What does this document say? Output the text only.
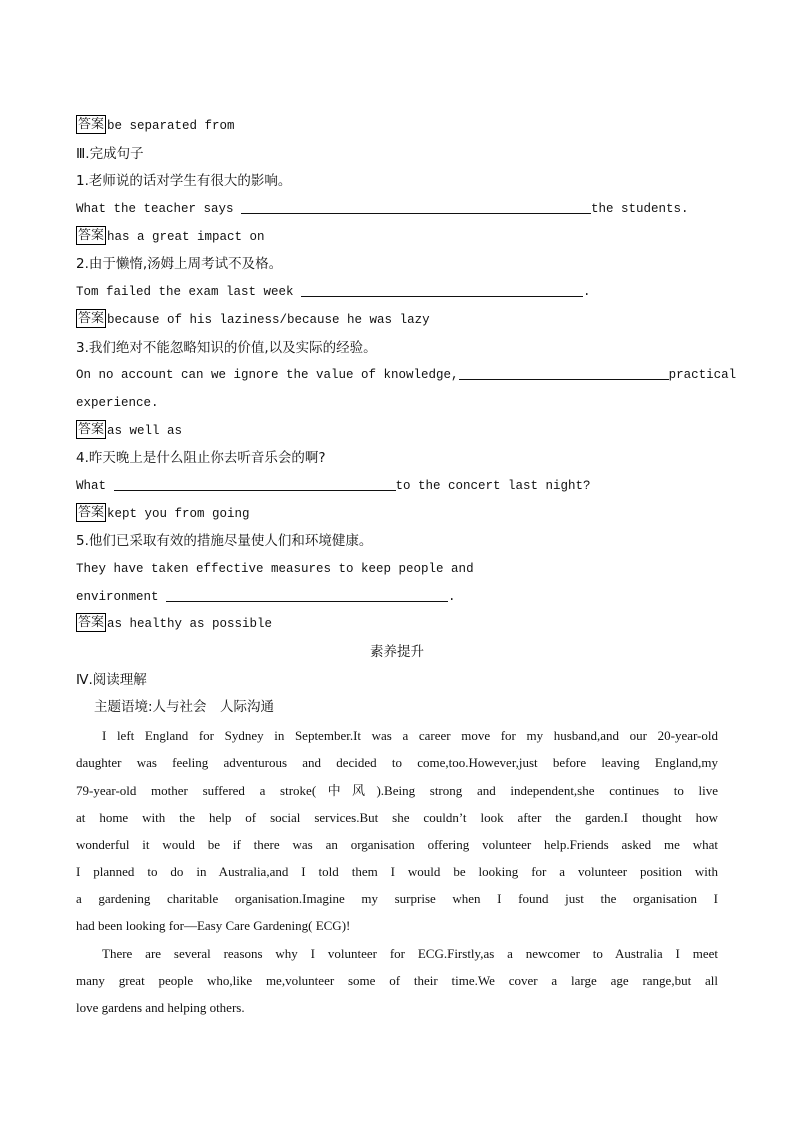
答案 be separated from
Ⅲ.完成句子
1.老师说的话对学生有很大的影响。
What the teacher says	the students.
答案 has a great impact on
2.由于懒惰,汤姆上周考试不及格。
Tom failed the exam last week	.
答案 because of his laziness/because he was lazy
3.我们绝对不能忽略知识的价值,以及实际的经验。
On no account can we ignore the value of knowledge,	practical
experience.
答案 as well as
4.昨天晚上是什么阻止你去听音乐会的啊?
What	to the concert last night?
答案 kept you from going
5.他们已采取有效的措施尽量使人们和环境健康。
They have taken effective measures to keep people and
environment	.
答案 as healthy as possible
素养提升
Ⅳ.阅读理解
主题语境:人与社会　人际沟通
I left England for Sydney in September.It was a career move for my husband,and our 20-year-old
daughter was feeling adventurous and decided to come,too.However,just before leaving England,my
79-year-old mother suffered a stroke(中风).Being strong and independent,she continues to live
at home with the help of social services.But she couldn’t look after the garden.I thought how
wonderful it would be if there was an organisation offering volunteer help.Friends asked me what
I planned to do in Australia,and I told them I would be looking for a volunteer position with
a gardening charitable organisation.Imagine my surprise when I found just the organisation I
had been looking for—Easy Care Gardening( ECG)!
There are several reasons why I volunteer for ECG.Firstly,as a newcomer to Australia I meet
many great people who,like me,volunteer some of their time.We cover a large age range,but all
love gardens and helping others.
